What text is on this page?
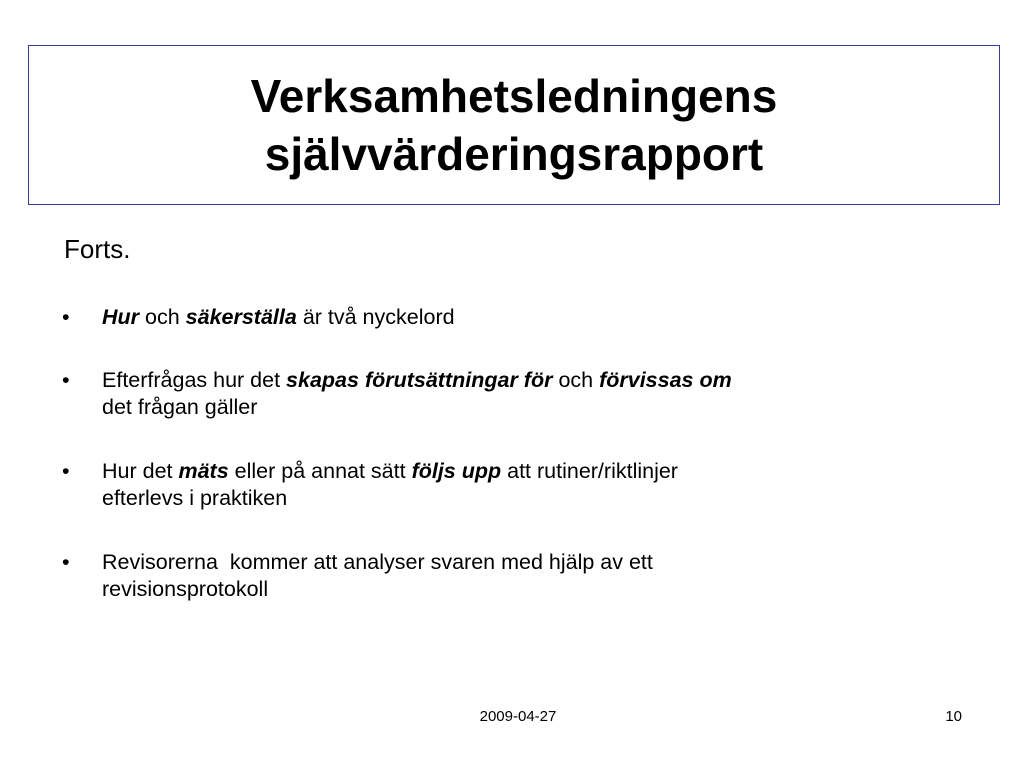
Verksamhetsledningens
självvärderingsrapport
Forts.
• Hur och säkerställa är två nyckelord
• Efterfrågas hur det skapas förutsättningar för och förvissas om
det frågan gäller
• Hur det mäts eller på annat sätt följs upp att rutiner/riktlinjer
efterlevs i praktiken
• Revisorerna  kommer att analyser svaren med hjälp av ett
revisionsprotokoll
2009-04-27	10
